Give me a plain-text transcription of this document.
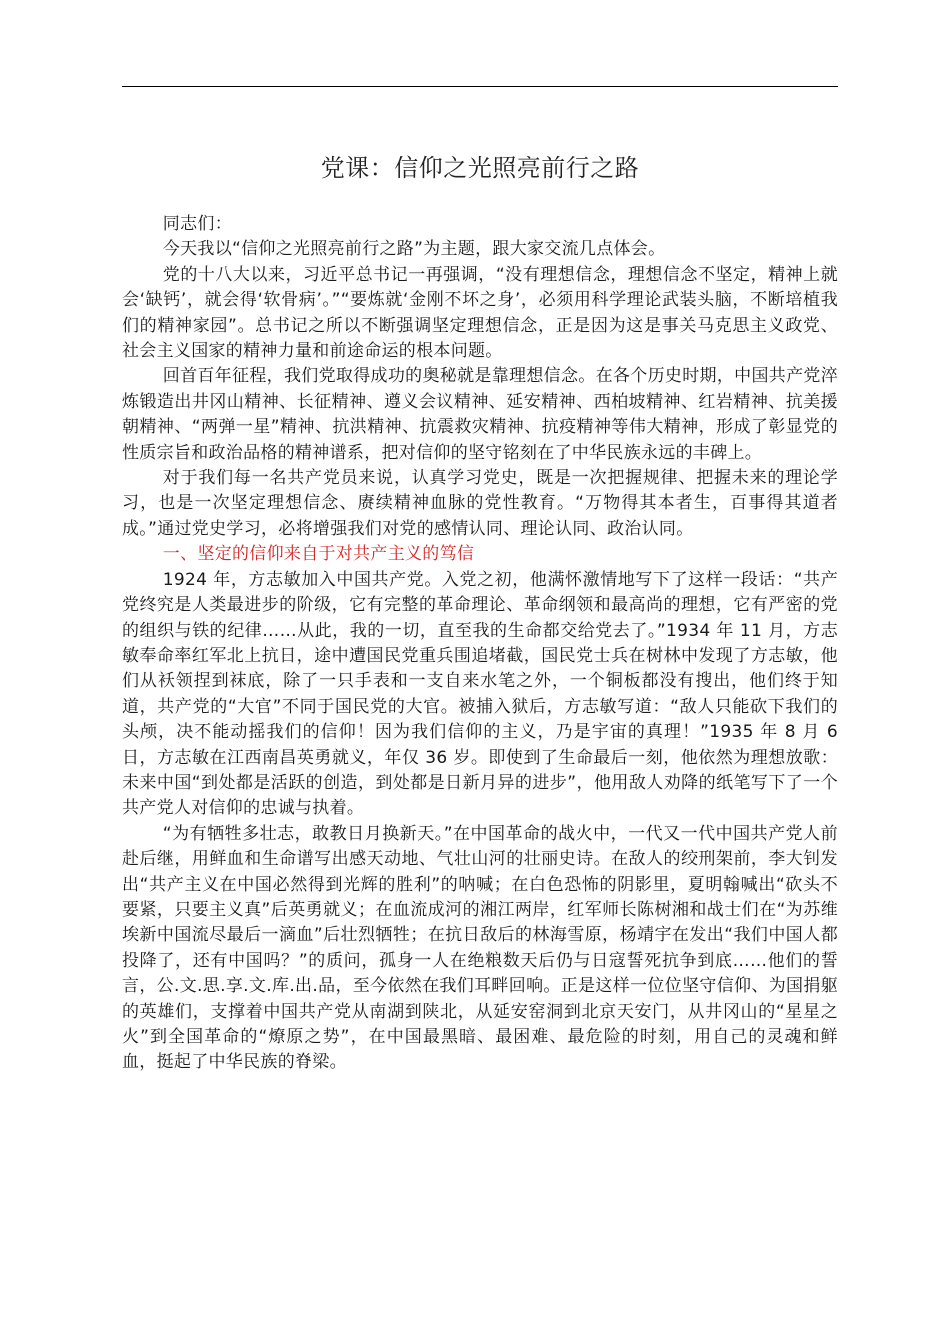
党课：信仰之光照亮前行之路

同志们：

今天我以“信仰之光照亮前行之路”为主题，跟大家交流几点体会。

党的十八大以来，习近平总书记一再强调，“没有理想信念，理想信念不坚定，精神上就会‘缺钙’，就会得‘软骨病’。”“要炼就‘金刚不坏之身’，必须用科学理论武装头脑，不断培植我们的精神家园”。总书记之所以不断强调坚定理想信念，正是因为这是事关马克思主义政党、社会主义国家的精神力量和前途命运的根本问题。

回首百年征程，我们党取得成功的奥秘就是靠理想信念。在各个历史时期，中国共产党淬炼锻造出井冈山精神、长征精神、遵义会议精神、延安精神、西柏坡精神、红岩精神、抗美援朝精神、“两弹一星”精神、抗洪精神、抗震救灾精神、抗疫精神等伟大精神，形成了彰显党的性质宗旨和政治品格的精神谱系，把对信仰的坚守铭刻在了中华民族永远的丰碑上。

对于我们每一名共产党员来说，认真学习党史，既是一次把握规律、把握未来的理论学习，也是一次坚定理想信念、赓续精神血脉的党性教育。“万物得其本者生，百事得其道者成。”通过党史学习，必将增强我们对党的感情认同、理论认同、政治认同。

一、坚定的信仰来自于对共产主义的笃信

1924 年，方志敏加入中国共产党。入党之初，他满怀激情地写下了这样一段话：“共产党终究是人类最进步的阶级，它有完整的革命理论、革命纲领和最高尚的理想，它有严密的党的组织与铁的纪律……从此，我的一切，直至我的生命都交给党去了。”1934 年 11 月，方志敏奉命率红军北上抗日，途中遭国民党重兵围追堵截，国民党士兵在树林中发现了方志敏，他们从袄领捏到袜底，除了一只手表和一支自来水笔之外，一个铜板都没有搜出，他们终于知道，共产党的“大官”不同于国民党的大官。被捕入狱后，方志敏写道：“敌人只能砍下我们的头颅，决不能动摇我们的信仰！因为我们信仰的主义，乃是宇宙的真理！”1935 年 8 月 6 日，方志敏在江西南昌英勇就义，年仅 36 岁。即使到了生命最后一刻，他依然为理想放歌：未来中国“到处都是活跃的创造，到处都是日新月异的进步”，他用敌人劝降的纸笔写下了一个共产党人对信仰的忠诚与执着。

“为有牺牲多壮志，敢教日月换新天。”在中国革命的战火中，一代又一代中国共产党人前赴后继，用鲜血和生命谱写出感天动地、气壮山河的壮丽史诗。在敌人的绞刑架前，李大钊发出“共产主义在中国必然得到光辉的胜利”的呐喊；在白色恐怖的阴影里，夏明翰喊出“砍头不要紧，只要主义真”后英勇就义；在血流成河的湘江两岸，红军师长陈树湘和战士们在“为苏维埃新中国流尽最后一滴血”后壮烈牺牲；在抗日敌后的林海雪原，杨靖宇在发出“我们中国人都投降了，还有中国吗？”的质问，孤身一人在绝粮数天后仍与日寇誓死抗争到底……他们的誓言，公.文.思.享.文.库.出.品，至今依然在我们耳畔回响。正是这样一位位坚守信仰、为国捐躯的英雄们，支撑着中国共产党从南湖到陕北，从延安窑洞到北京天安门，从井冈山的“星星之火”到全国革命的“燎原之势”，在中国最黑暗、最困难、最危险的时刻，用自己的灵魂和鲜血，挺起了中华民族的脊梁。
